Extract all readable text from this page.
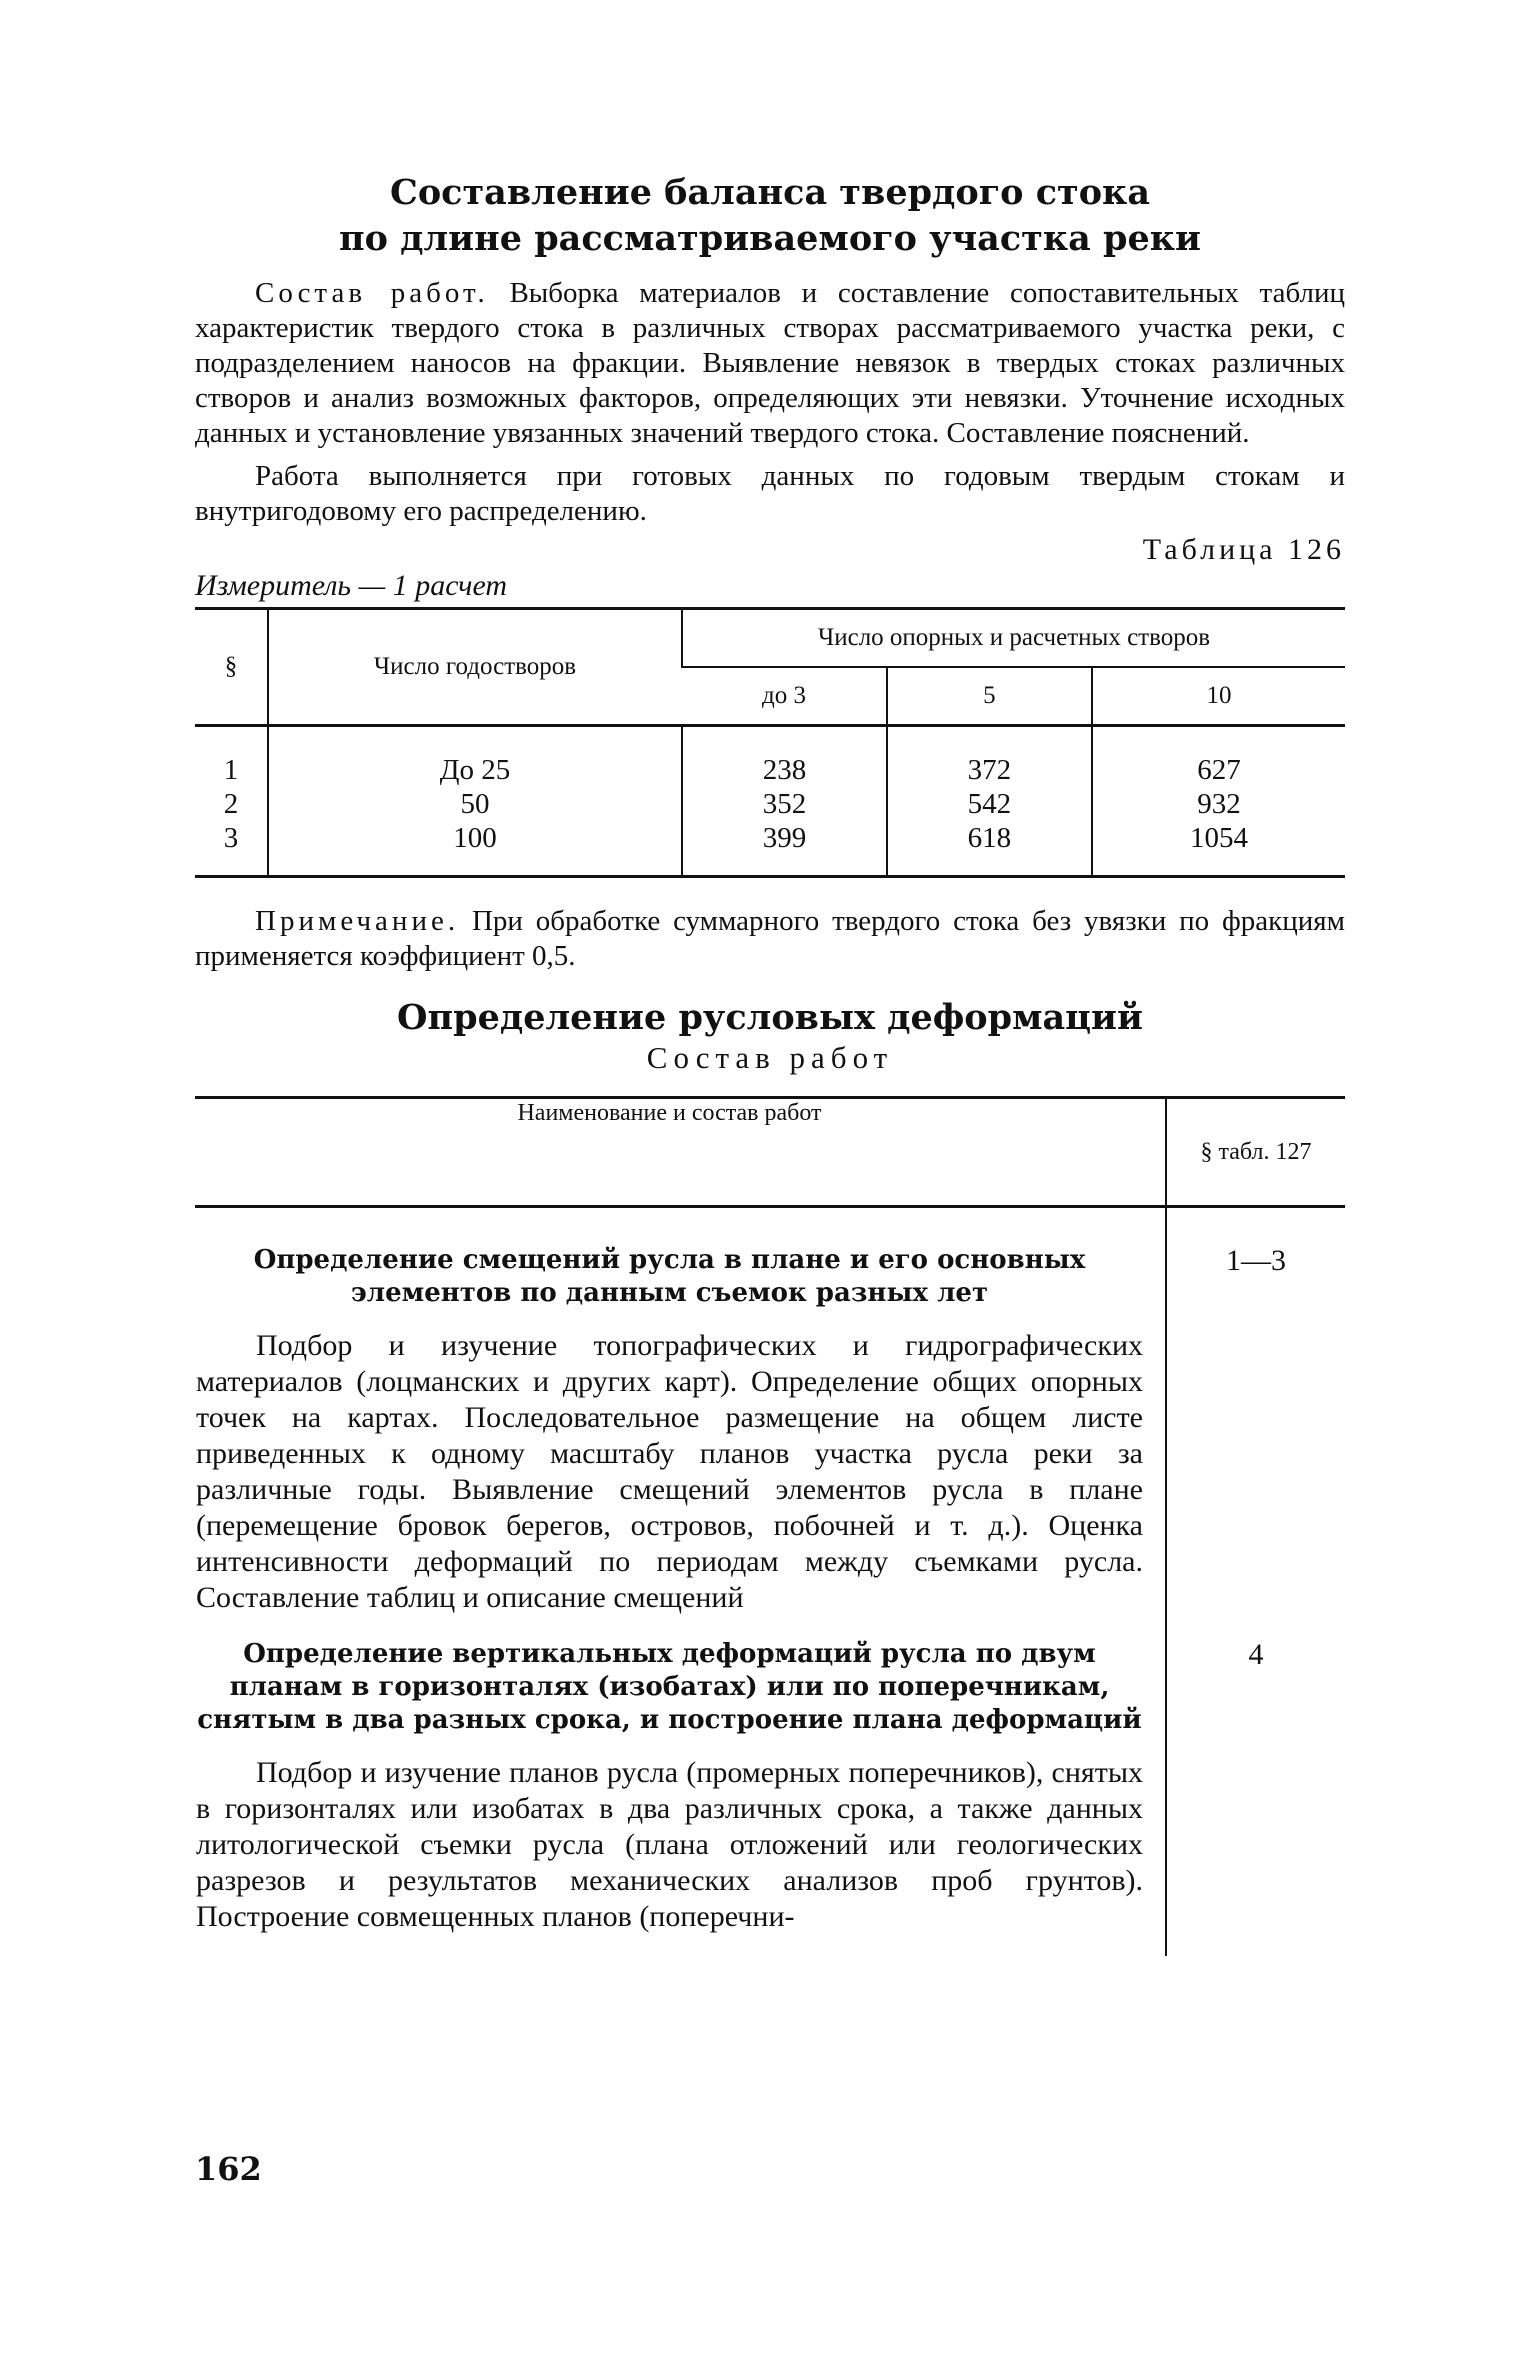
Составление баланса твердого стока
по длине рассматриваемого участка реки

Состав работ. Выборка материалов и составление сопоставительных таблиц характеристик твердого стока в различных створах рассматриваемого участка реки, с подразделением наносов на фракции. Выявление невязок в твердых стоках различных створов и анализ возможных факторов, определяющих эти невязки. Уточнение исходных данных и установление увязанных значений твердого стока. Составление пояснений.

Работа выполняется при готовых данных по годовым твердым стокам и внутригодовому его распределению.

Таблица 126
Измеритель — 1 расчет
§	Число годостворов	Число опорных и расчетных створов		
		до 3	5	10
1	До 25	238	372	627
2	50	352	542	932
3	100	399	618	1054

Примечание. При обработке суммарного твердого стока без увязки по фракциям применяется коэффициент 0,5.

Определение русловых деформаций
Состав работ
Наименование и состав работ	§ табл. 127

Определение смещений русла в плане и его основных элементов по данным съемок разных лет

Подбор и изучение топографических и гидрографических материалов (лоцманских и других карт). Определение общих опорных точек на картах. Последовательное размещение на общем листе приведенных к одному масштабу планов участка русла реки за различные годы. Выявление смещений элементов русла в плане (перемещение бровок берегов, островов, побочней и т. д.). Оценка интенсивности деформаций по периодам между съемками русла. Составление таблиц и описание смещений	1—3

Определение вертикальных деформаций русла по двум планам в горизонталях (изобатах) или по поперечникам, снятым в два разных срока, и построение плана деформаций

Подбор и изучение планов русла (промерных поперечников), снятых в горизонталях или изобатах в два различных срока, а также данных литологической съемки русла (плана отложений или геологических разрезов и результатов механических анализов проб грунтов). Построение совмещенных планов (поперечни-	4
162
